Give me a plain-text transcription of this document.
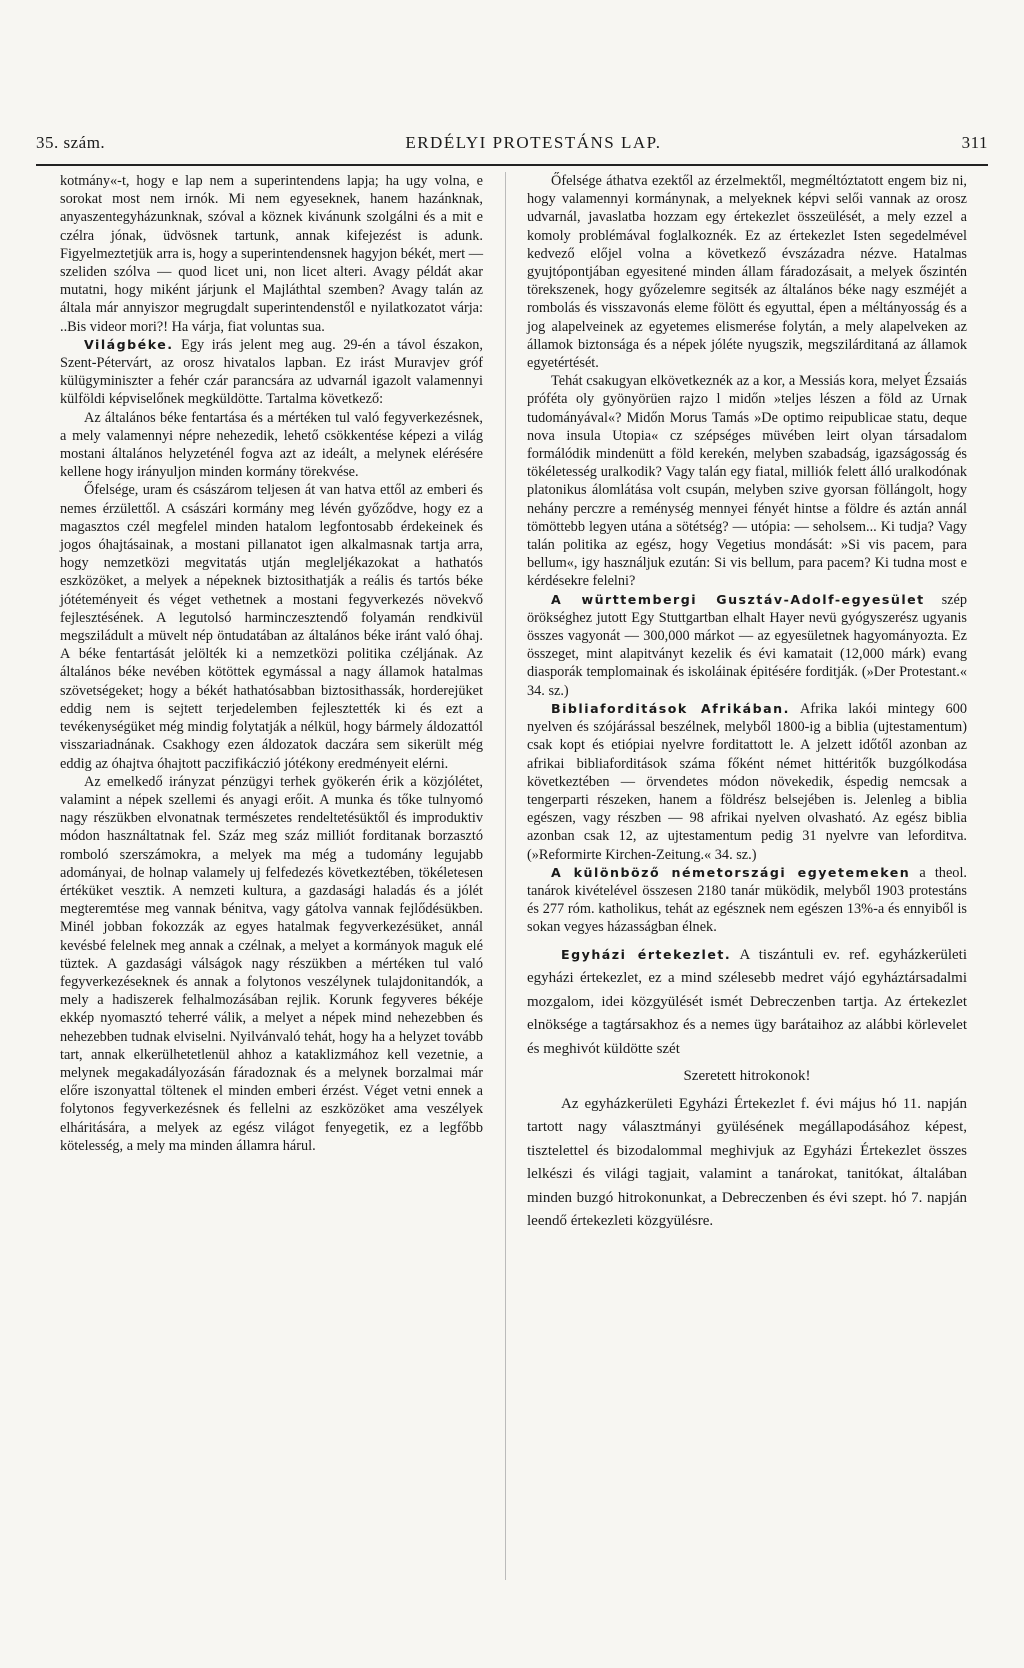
35. szám.	ERDÉLYI PROTESTÁNS LAP.	311

kotmány«-t, hogy e lap nem a superintendens lapja; ha ugy volna, e sorokat most nem irnók. Mi nem egyeseknek, hanem hazánknak, anyaszentegyházunknak, szóval a köznek kivánunk szolgálni és a mit e czélra jónak, üdvösnek tartunk, annak kifejezést is adunk. Figyelmeztetjük arra is, hogy a superintendensnek hagyjon békét, mert — szeliden szólva — quod licet uni, non licet alteri. Avagy példát akar mutatni, hogy miként járjunk el Majláthtal szemben? Avagy talán az általa már annyiszor megrugdalt superintendenstől e nyilatkozatot várja: ..Bis videor mori?! Ha várja, fiat voluntas sua.

Világbéke. Egy irás jelent meg aug. 29-én a távol északon, Szent-Pétervárt, az orosz hivatalos lapban. Ez irást Muravjev gróf külügyminiszter a fehér czár parancsára az udvarnál igazolt valamennyi külföldi képviselőnek megküldötte. Tartalma következő:

Az általános béke fentartása és a mértéken tul való fegyverkezésnek, a mely valamennyi népre nehezedik, lehető csökkentése képezi a világ mostani általános helyzeténél fogva azt az ideált, a melynek elérésére kellene hogy irányuljon minden kormány törekvése.

Őfelsége, uram és császárom teljesen át van hatva ettől az emberi és nemes érzülettől. A császári kormány meg lévén győződve, hogy ez a magasztos czél megfelel minden hatalom legfontosabb érdekeinek és jogos óhajtásainak, a mostani pillanatot igen alkalmasnak tartja arra, hogy nemzetközi megvitatás utján megleljékazokat a hathatós eszközöket, a melyek a népeknek biztosithatják a reális és tartós béke jótéteményeit és véget vethetnek a mostani fegyverkezés növekvő fejlesztésének. A legutolsó harminczesztendő folyamán rendkivül megsziládult a müvelt nép öntudatában az általános béke iránt való óhaj. A béke fentartását jelölték ki a nemzetközi politika czéljának. Az általános béke nevében kötöttek egymással a nagy államok hatalmas szövetségeket; hogy a békét hathatósabban biztosithassák, horderejüket eddig nem is sejtett terjedelemben fejlesztették ki és ezt a tevékenységüket még mindig folytatják a nélkül, hogy bármely áldozattól visszariadnának. Csakhogy ezen áldozatok daczára sem sikerült még eddig az óhajtva óhajtott paczifikáczió jótékony eredményeit elérni.

Az emelkedő irányzat pénzügyi terhek gyökerén érik a közjólétet, valamint a népek szellemi és anyagi erőit. A munka és tőke tulnyomó nagy részükben elvonatnak természetes rendeltetésüktől és improduktiv módon használtatnak fel. Száz meg száz milliót forditanak borzasztó romboló szerszámokra, a melyek ma még a tudomány legujabb adományai, de holnap valamely uj felfedezés következtében, tökéletesen értéküket vesztik. A nemzeti kultura, a gazdasági haladás és a jólét megteremtése meg vannak bénitva, vagy gátolva vannak fejlődésükben. Minél jobban fokozzák az egyes hatalmak fegyverkezésüket, annál kevésbé felelnek meg annak a czélnak, a melyet a kormányok maguk elé tüztek. A gazdasági válságok nagy részükben a mértéken tul való fegyverkezéseknek és annak a folytonos veszélynek tulajdonitandók, a mely a hadiszerek felhalmozásában rejlik. Korunk fegyveres békéje ekkép nyomasztó teherré válik, a melyet a népek mind nehezebben és nehezebben tudnak elviselni. Nyilvánvaló tehát, hogy ha a helyzet tovább tart, annak elkerülhetetlenül ahhoz a kataklizmához kell vezetnie, a melynek megakadályozásán fáradoznak és a melynek borzalmai már előre iszonyattal töltenek el minden emberi érzést. Véget vetni ennek a folytonos fegyverkezésnek és fellelni az eszközöket ama veszélyek elháritására, a melyek az egész világot fenyegetik, ez a legfőbb kötelesség, a mely ma minden államra hárul.

Őfelsége áthatva ezektől az érzelmektől, megméltóztatott engem biz ni, hogy valamennyi kormánynak, a melyeknek képvi selői vannak az orosz udvarnál, javaslatba hozzam egy értekezlet összeülését, a mely ezzel a komoly problémával foglalkoznék. Ez az értekezlet Isten segedelmével kedvező előjel volna a következő évszázadra nézve. Hatalmas gyujtópontjában egyesitené minden állam fáradozásait, a melyek őszintén törekszenek, hogy győzelemre segitsék az általános béke nagy eszméjét a rombolás és visszavonás eleme fölött és egyuttal, épen a méltányosság és a jog alapelveinek az egyetemes elismerése folytán, a mely alapelveken az államok biztonsága és a népek jóléte nyugszik, megszilárditaná az államok egyetértését.

Tehát csakugyan elkövetkeznék az a kor, a Messiás kora, melyet Ézsaiás próféta oly gyönyörüen rajzo l midőn »teljes lészen a föld az Urnak tudományával«? Midőn Morus Tamás »De optimo reipublicae statu, deque nova insula Utopia« cz szépséges müvében leirt olyan társadalom formálódik mindenütt a föld kerekén, melyben szabadság, igazságosság és tökéletesség uralkodik? Vagy talán egy fiatal, milliók felett álló uralkodónak platonikus álomlátása volt csupán, melyben szive gyorsan föllángolt, hogy nehány perczre a reménység mennyei fényét hintse a földre és aztán annál tömöttebb legyen utána a sötétség? — utópia: — seholsem... Ki tudja? Vagy talán politika az egész, hogy Vegetius mondását: »Si vis pacem, para bellum«, igy használjuk ezután: Si vis bellum, para pacem? Ki tudna most e kérdésekre felelni?

A württembergi Gusztáv-Adolf-egyesület szép örökséghez jutott Egy Stuttgartban elhalt Hayer nevü gyógyszerész ugyanis összes vagyonát — 300,000 márkot — az egyesületnek hagyományozta. Ez összeget, mint alapitványt kezelik és évi kamatait (12,000 márk) evang diasporák templomainak és iskoláinak épitésére forditják. (»Der Protestant.« 34. sz.)

Bibliaforditások Afrikában. Afrika lakói mintegy 600 nyelven és szójárással beszélnek, melyből 1800-ig a biblia (ujtestamentum) csak kopt és etiópiai nyelvre forditattott le. A jelzett időtől azonban az afrikai bibliaforditások száma főként német hittéritők buzgólkodása következtében — örvendetes módon növekedik, éspedig nemcsak a tengerparti részeken, hanem a földrész belsejében is. Jelenleg a biblia egészen, vagy részben — 98 afrikai nyelven olvasható. Az egész biblia azonban csak 12, az ujtestamentum pedig 31 nyelvre van leforditva. (»Reformirte Kirchen-Zeitung.« 34. sz.)

A különböző németországi egyetemeken a theol. tanárok kivételével összesen 2180 tanár müködik, melyből 1903 protestáns és 277 róm. katholikus, tehát az egésznek nem egészen 13%-a és ennyiből is sokan vegyes házasságban élnek.

Egyházi értekezlet. A tiszántuli ev. ref. egyházkerületi egyházi értekezlet, ez a mind szélesebb medret vájó egyháztársadalmi mozgalom, idei közgyülését ismét Debreczenben tartja. Az értekezlet elnöksége a tagtársakhoz és a nemes ügy barátaihoz az alábbi körlevelet és meghivót küldötte szét

Szeretett hitrokonok!

Az egyházkerületi Egyházi Értekezlet f. évi május hó 11. napján tartott nagy választmányi gyülésének megállapodásához képest, tisztelettel és bizodalommal meghivjuk az Egyházi Értekezlet összes lelkészi és világi tagjait, valamint a tanárokat, tanitókat, általában minden buzgó hitrokonunkat, a Debreczenben és évi szept. hó 7. napján leendő értekezleti közgyülésre.
